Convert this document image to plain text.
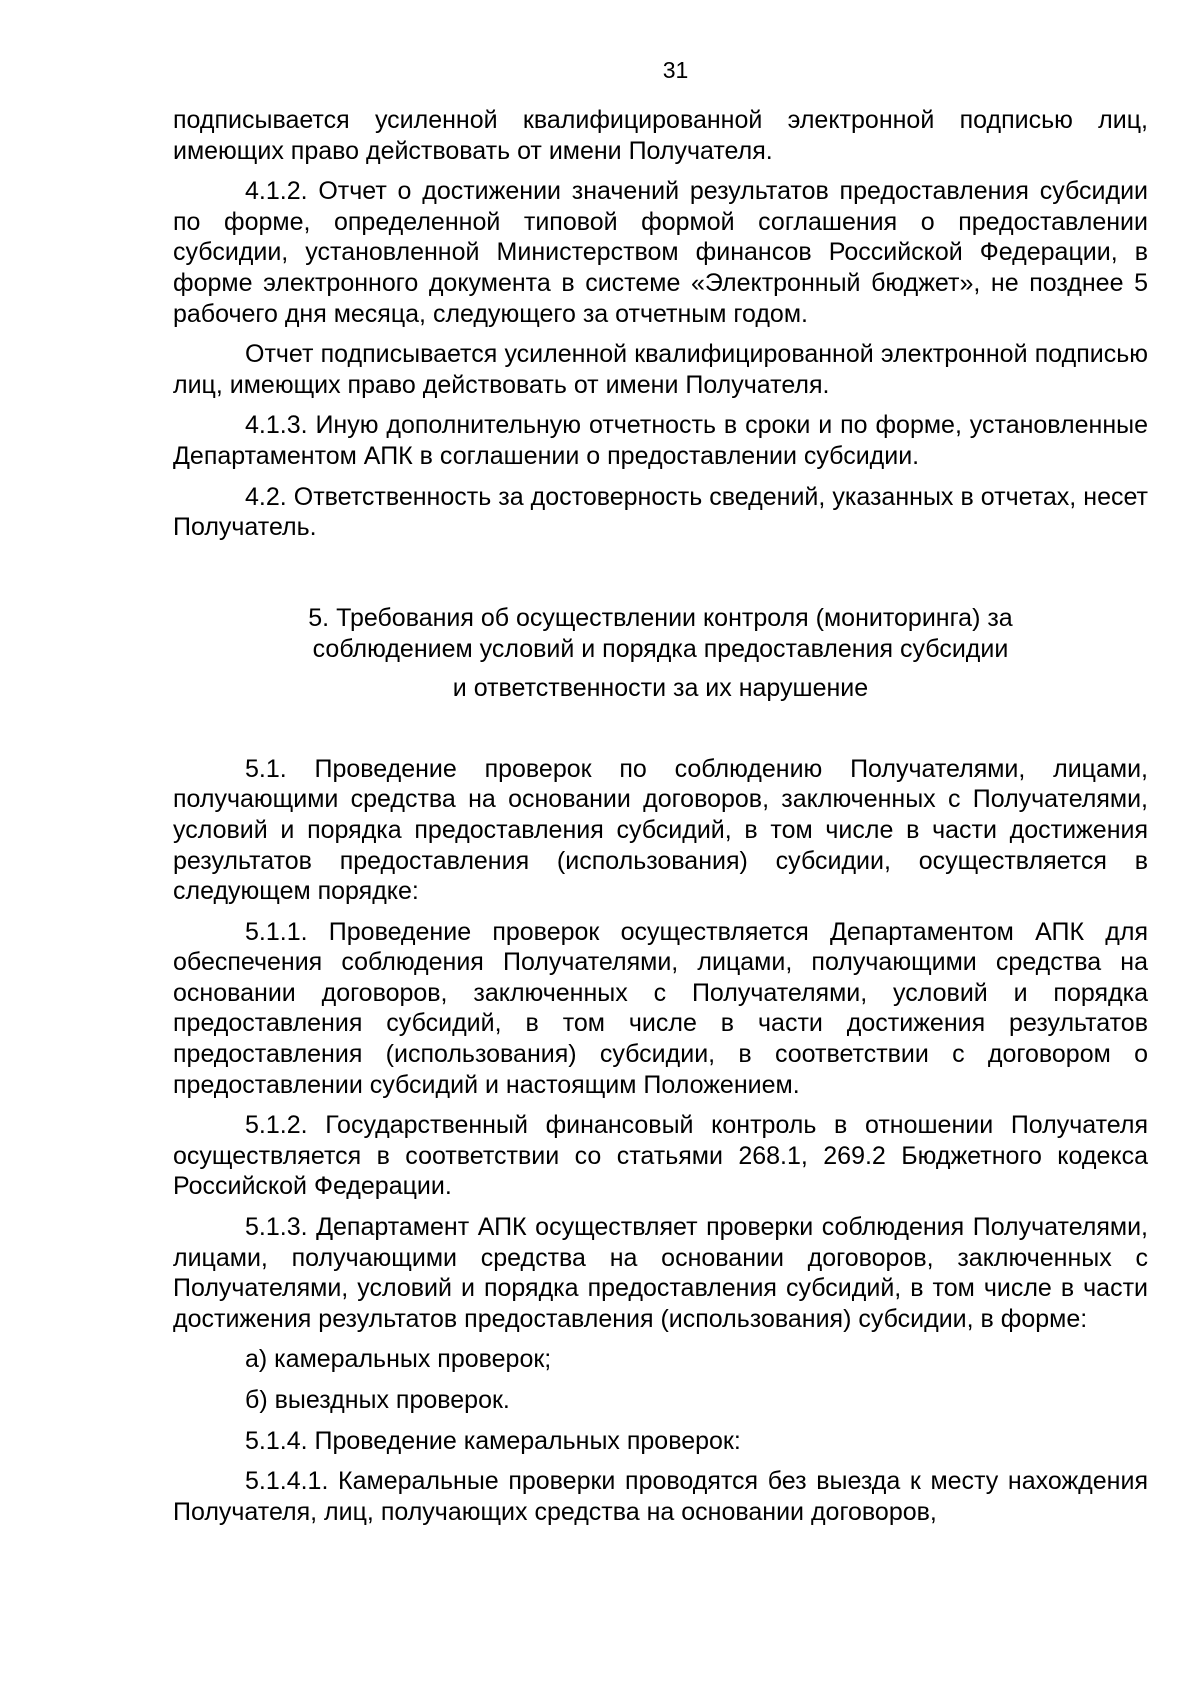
31

подписывается усиленной квалифицированной электронной подписью лиц, имеющих право действовать от имени Получателя.

4.1.2. Отчет о достижении значений результатов предоставления субсидии по форме, определенной типовой формой соглашения о предоставлении субсидии, установленной Министерством финансов Российской Федерации, в форме электронного документа в системе «Электронный бюджет», не позднее 5 рабочего дня месяца, следующего за отчетным годом.

Отчет подписывается усиленной квалифицированной электронной подписью лиц, имеющих право действовать от имени Получателя.

4.1.3. Иную дополнительную отчетность в сроки и по форме, установленные Департаментом АПК в соглашении о предоставлении субсидии.

4.2. Ответственность за достоверность сведений, указанных в отчетах, несет Получатель.

5. Требования об осуществлении контроля (мониторинга) за
соблюдением условий и порядка предоставления субсидии
и ответственности за их нарушение

5.1. Проведение проверок по соблюдению Получателями, лицами, получающими средства на основании договоров, заключенных с Получателями, условий и порядка предоставления субсидий, в том числе в части достижения результатов предоставления (использования) субсидии, осуществляется в следующем порядке:

5.1.1. Проведение проверок осуществляется Департаментом АПК для обеспечения соблюдения Получателями, лицами, получающими средства на основании договоров, заключенных с Получателями, условий и порядка предоставления субсидий, в том числе в части достижения результатов предоставления (использования) субсидии, в соответствии с договором о предоставлении субсидий и настоящим Положением.

5.1.2. Государственный финансовый контроль в отношении Получателя осуществляется в соответствии со статьями 268.1, 269.2 Бюджетного кодекса Российской Федерации.

5.1.3. Департамент АПК осуществляет проверки соблюдения Получателями, лицами, получающими средства на основании договоров, заключенных с Получателями, условий и порядка предоставления субсидий, в том числе в части достижения результатов предоставления (использования) субсидии, в форме:

а) камеральных проверок;

б) выездных проверок.

5.1.4. Проведение камеральных проверок:

5.1.4.1. Камеральные проверки проводятся без выезда к месту нахождения Получателя, лиц, получающих средства на основании договоров,
